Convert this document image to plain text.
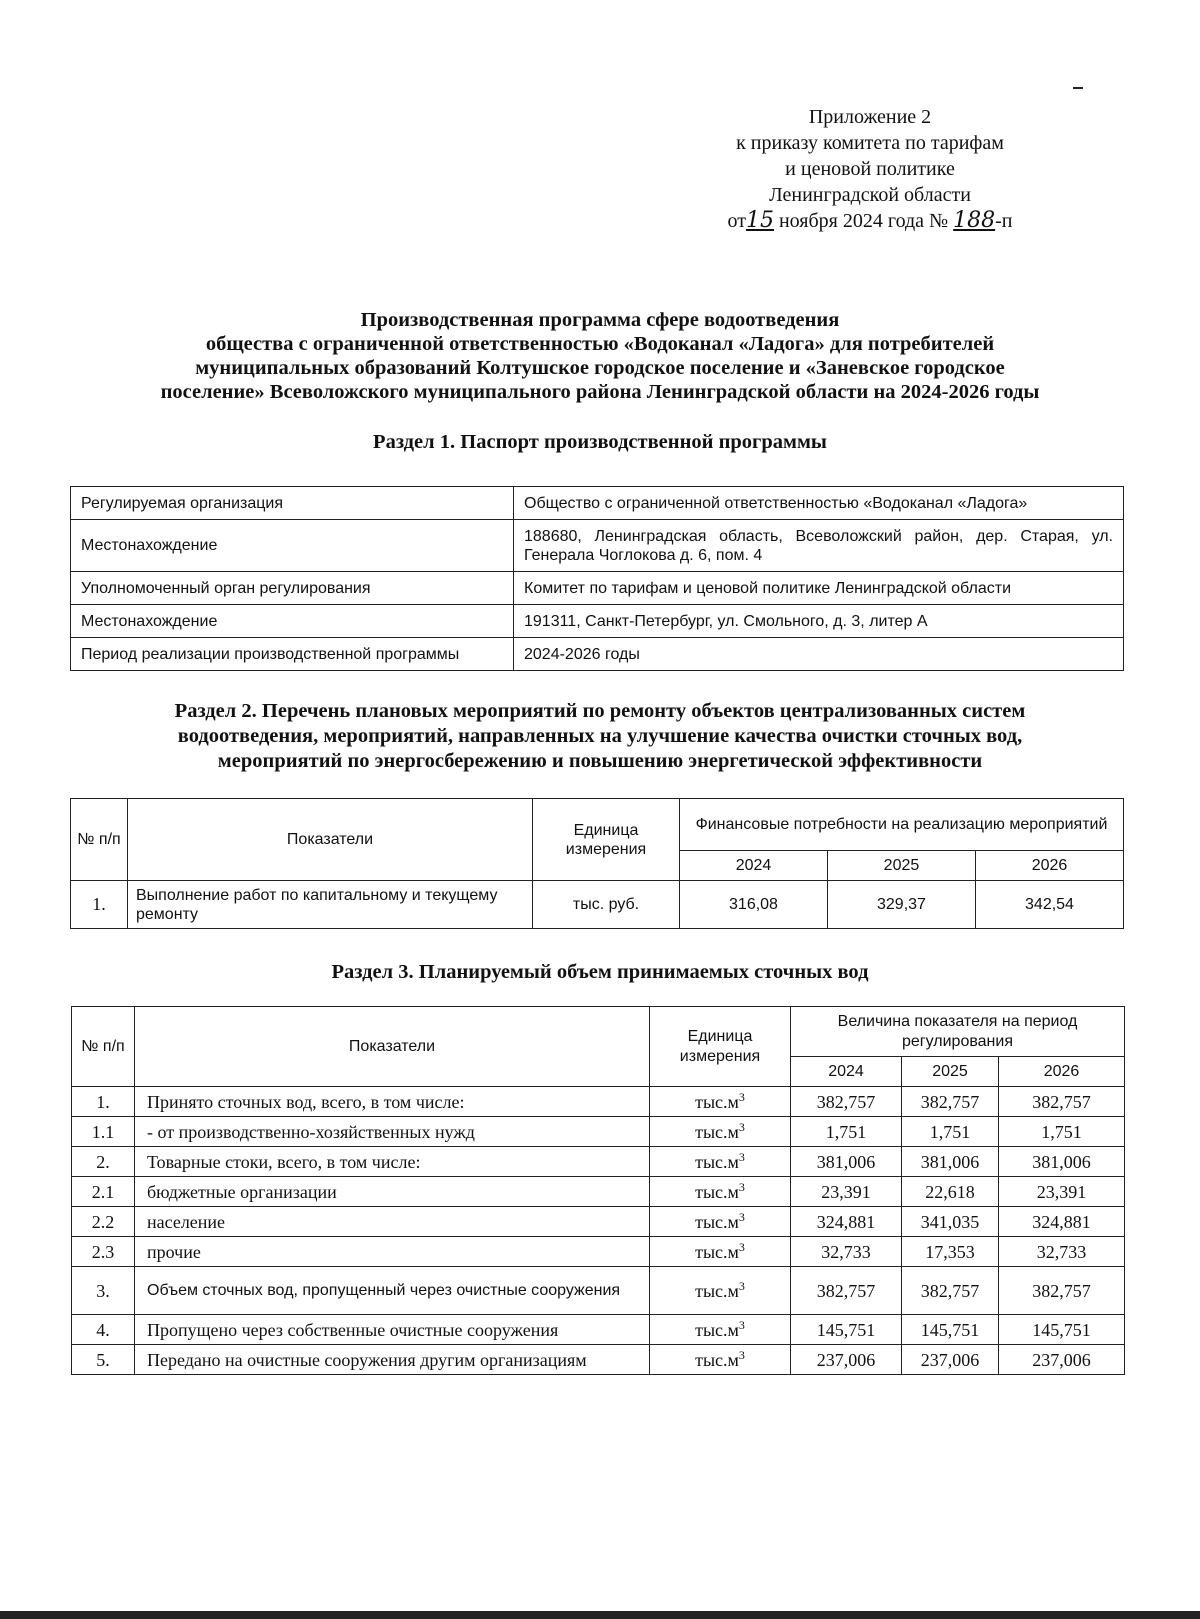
Приложение 2
к приказу комитета по тарифам
и ценовой политике
Ленинградской области
от15 ноября 2024 года № 188-п
Производственная программа сфере водоотведения
общества с ограниченной ответственностью «Водоканал «Ладога» для потребителей
муниципальных образований Колтушское городское поселение и «Заневское городское
поселение» Всеволожского муниципального района Ленинградской области на 2024-2026 годы
Раздел 1. Паспорт производственной программы
Регулируемая организация	Общество с ограниченной ответственностью «Водоканал «Ладога»
Местонахождение	188680, Ленинградская область, Всеволожский район, дер. Старая, ул. Генерала Чоглокова д. 6, пом. 4
Уполномоченный орган регулирования	Комитет по тарифам и ценовой политике Ленинградской области
Местонахождение	191311, Санкт-Петербург, ул. Смольного, д. 3, литер А
Период реализации производственной программы	2024-2026 годы
Раздел 2. Перечень плановых мероприятий по ремонту объектов централизованных систем
водоотведения, мероприятий, направленных на улучшение качества очистки сточных вод,
мероприятий по энергосбережению и повышению энергетической эффективности
№ п/п	Показатели	Единица измерения	Финансовые потребности на реализацию мероприятий		
			2024	2025	2026
1.	Выполнение работ по капитальному и текущему ремонту	тыс. руб.	316,08	329,37	342,54
Раздел 3. Планируемый объем принимаемых сточных вод
№ п/п	Показатели	Единица измерения	Величина показателя на период регулирования		
			2024	2025	2026
1.	Принято сточных вод, всего, в том числе:	$тыс.м^3$	382,757	382,757	382,757
1.1	- от производственно-хозяйственных нужд	$тыс.м^3$	1,751	1,751	1,751
2.	Товарные стоки, всего, в том числе:	$тыс.м^3$	381,006	381,006	381,006
2.1	бюджетные организации	$тыс.м^3$	23,391	22,618	23,391
2.2	население	$тыс.м^3$	324,881	341,035	324,881
2.3	прочие	$тыс.м^3$	32,733	17,353	32,733
3.	Объем сточных вод, пропущенный через очистные сооружения	$тыс.м^3$	382,757	382,757	382,757
4.	Пропущено через собственные очистные сооружения	$тыс.м^3$	145,751	145,751	145,751
5.	Передано на очистные сооружения другим организациям	$тыс.м^3$	237,006	237,006	237,006
